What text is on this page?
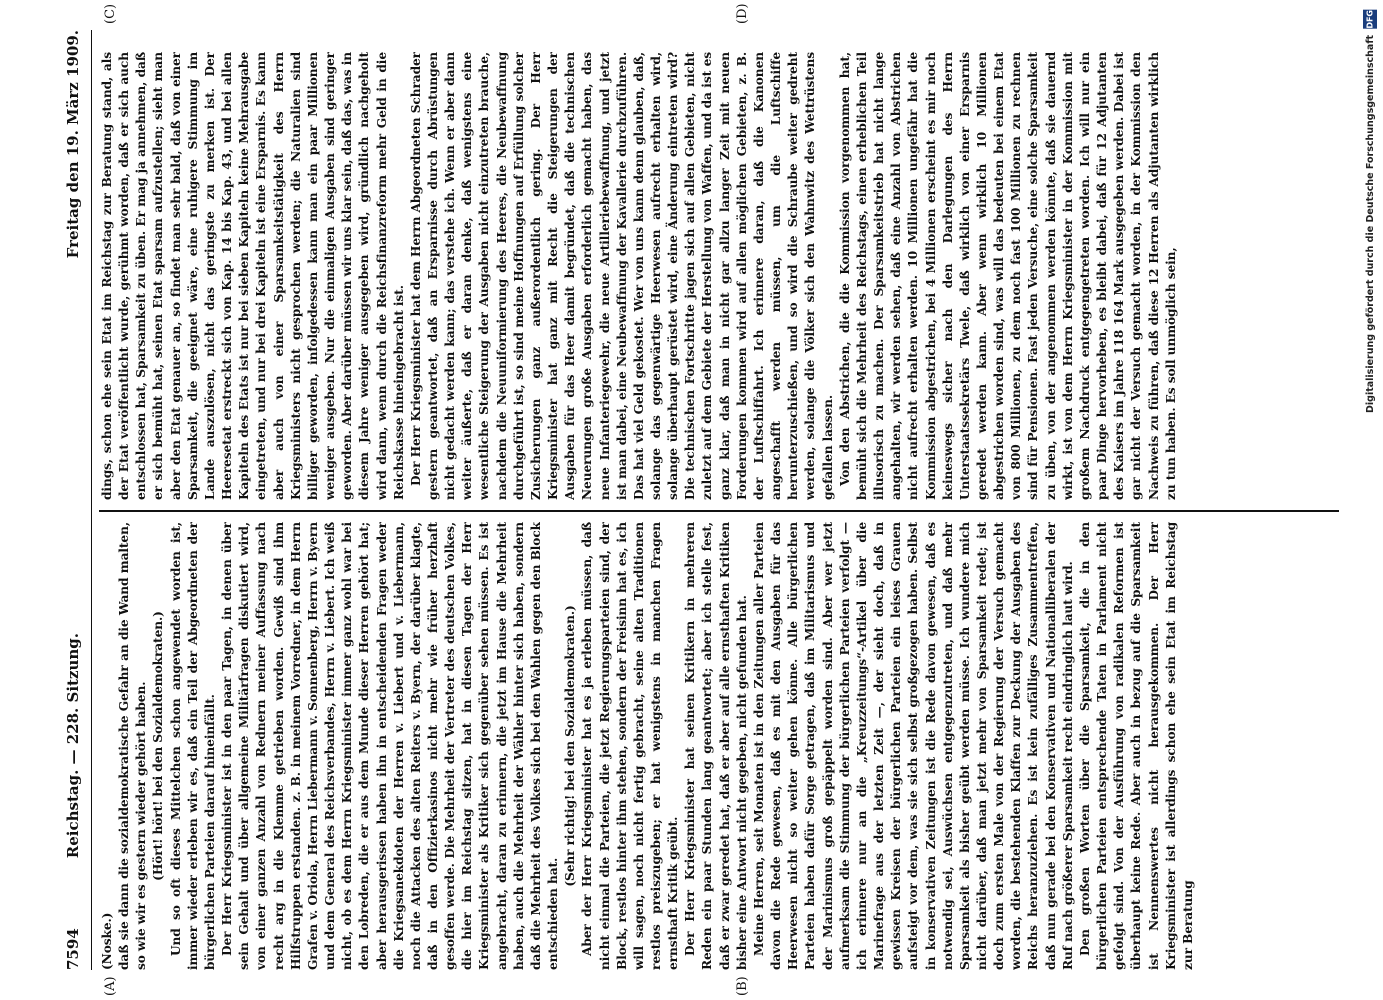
7594
Reichstag. — 228. Sitzung.
Freitag den 19. März 1909.

(Noske.) daß sie dann die sozialdemokratische Gefahr an die Wand malten, so wie wir es gestern wieder gehört haben. (Hört! hört! bei den Sozialdemokraten.) Und so oft dieses Mittelchen schon angewendet worden ist, immer wieder erleben wir es, daß ein Teil der Abgeordneten der bürgerlichen Parteien darauf hineinfällt. Der Herr Kriegsminister ist in den paar Tagen, in denen über sein Gehalt und über allgemeine Militärfragen diskutiert wird, von einer ganzen Anzahl von Rednern meiner Auffassung nach recht arg in die Klemme getrieben worden. Gewiß sind ihm Hilfstruppen erstanden. z. B. in meinem Vorredner, in dem Herrn Grafen v. Oriola, Herrn Liebermann v. Sonnenberg, Herrn v. Byern und dem General des Reichsverbandes, Herrn v. Liebert. Ich weiß nicht, ob es dem Herrn Kriegsminister immer ganz wohl war bei den Lobreden, die er aus dem Munde dieser Herren gehört hat; aber herausgerissen haben ihn in entscheidenden Fragen weder die Kriegsanekdoten der Herren v. Liebert und v. Liebermann, noch die Attacken des alten Reiters v. Byern, der darüber klagte, daß in den Offizierkasinos nicht mehr wie früher herzhaft gesoffen werde. Die Mehrheit der Vertreter des deutschen Volkes, die hier im Reichstag sitzen, hat in diesen Tagen der Herr Kriegsminister als Kritiker sich gegenüber sehen müssen. Es ist angebracht, daran zu erinnern, die jetzt im Hause die Mehrheit haben, auch die Mehrheit der Wähler hinter sich haben, sondern daß die Mehrheit des Volkes sich bei den Wahlen gegen den Block entschieden hat.

(Sehr richtig! bei den Sozialdemokraten.) Aber der Herr Kriegsminister hat es ja erleben müssen, daß nicht einmal die Parteien, die jetzt Regierungsparteien sind, der Block, restlos hinter ihm stehen, sondern der Freisinn hat es, ich will sagen, noch nicht fertig gebracht, seine alten Traditionen restlos preiszugeben; er hat wenigstens in manchen Fragen ernsthaft Kritik geübt. Der Herr Kriegsminister hat seinen Kritikern in mehreren Reden ein paar Stunden lang geantwortet; aber ich stelle fest, daß er zwar geredet hat, daß er aber auf alle ernsthaften Kritiken bisher eine Antwort nicht gegeben, nicht gefunden hat. Meine Herren, seit Monaten ist in den Zeitungen aller Parteien davon die Rede gewesen, daß es mit den Ausgaben für das Heerwesen nicht so weiter gehen könne. Alle bürgerlichen Parteien haben dafür Sorge getragen, daß im Militarismus und der Marinismus groß gepäppelt worden sind. Aber wer jetzt aufmerksam die Stimmung der bürgerlichen Parteien verfolgt — ich erinnere nur an die „Kreuzzeitungs“-Artikel über die Marinefrage aus der letzten Zeit —, der sieht doch, daß in gewissen Kreisen der bürgerlichen Parteien ein leises Grauen aufsteigt vor dem, was sie sich selbst großgezogen haben. Selbst in konservativen Zeitungen ist die Rede davon gewesen, daß es notwendig sei, Auswüchsen entgegenzutreten, und daß mehr Sparsamkeit als bisher geübt werden müsse. Ich wundere mich nicht darüber, daß man jetzt mehr von Sparsamkeit redet; ist doch zum ersten Male von der Regierung der Versuch gemacht worden, die bestehenden Klaffen zur Deckung der Ausgaben des Reichs heranzuziehen. Es ist kein zufälliges Zusammentreffen, daß nun gerade bei den Konservativen und Nationalliberalen der Ruf nach größerer Sparsamkeit recht eindringlich laut wird. Den großen Worten über die Sparsamkeit, die in den bürgerlichen Parteien entsprechende Taten in Parlament nicht gefolgt sind. Von der Ausführung von radikalen Reformen ist überhaupt keine Rede. Aber auch in bezug auf die Sparsamkeit ist Nennenswertes nicht herausgekommen. Der Herr Kriegsminister ist allerdings schon ehe sein Etat im Reichstag zur Beratung

dings, schon ehe sein Etat im Reichstag zur Beratung stand, als der Etat veröffentlicht wurde, gerühmt worden, daß er sich auch entschlossen hat, Sparsamkeit zu üben. Er mag ja annehmen, daß er sich bemüht hat, seinen Etat sparsam aufzustellen; sieht man aber den Etat genauer an, so findet man sehr bald, daß von einer Sparsamkeit, die geeignet wäre, eine ruhigere Stimmung im Lande auszulösen, nicht das geringste zu merken ist. Der Heeresetat erstreckt sich von Kap. 14 bis Kap. 43, und bei allen Kapiteln des Etats ist nur bei sieben Kapiteln keine Mehrausgabe eingetreten, und nur bei drei Kapiteln ist eine Ersparnis. Es kann aber auch von einer Sparsamkeitstätigkeit des Herrn Kriegsministers nicht gesprochen werden; die Naturalien sind billiger geworden, infolgedessen kann man ein paar Millionen weniger ausgeben. Nur die einmaligen Ausgaben sind geringer geworden. Aber darüber müssen wir uns klar sein, daß das, was in diesem Jahre weniger ausgegeben wird, gründlich nachgeholt wird dann, wenn durch die Reichsfinanzreform mehr Geld in die Reichskasse hineingebracht ist. Der Herr Kriegsminister hat dem Herrn Abgeordneten Schrader gestern geantwortet, daß an Ersparnisse durch Abrüstungen nicht gedacht werden kann; das verstehe ich. Wenn er aber dann weiter äußerte, daß er daran denke, daß wenigstens eine wesentliche Steigerung der Ausgaben nicht einzutreten brauche, nachdem die Neuuniformierung des Heeres, die Neubewaffnung durchgeführt ist, so sind meine Hoffnungen auf Erfüllung solcher Zusicherungen ganz außerordentlich gering. Der Herr Kriegsminister hat ganz mit Recht die Steigerungen der Ausgaben für das Heer damit begründet, daß die technischen Neuerungen große Ausgaben erforderlich gemacht haben, das neue Infanteriegewehr, die neue Artilleriebewaffnung, und jetzt ist man dabei, eine Neubewaffnung der Kavallerie durchzuführen. Das hat viel Geld gekostet. Wer von uns kann denn glauben, daß, solange das gegenwärtige Heerwesen aufrecht erhalten wird, solange überhaupt gerüstet wird, eine Änderung eintreten wird? Die technischen Fortschritte jagen sich auf allen Gebieten, nicht zuletzt auf dem Gebiete der Herstellung von Waffen, und da ist es ganz klar, daß man in nicht gar allzu langer Zeit mit neuen Forderungen kommen wird auf allen möglichen Gebieten, z. B. der Luftschiffahrt. Ich erinnere daran, daß die Kanonen angeschafft werden müssen, um die Luftschiffe herunterzuschießen, und so wird die Schraube weiter gedreht werden, solange die Völker sich den Wahnwitz des Wettrüstens gefallen lassen. Von den Abstrichen, die die Kommission vorgenommen hat, bemüht sich die Mehrheit des Reichstags, einen erheblichen Teil illusorisch zu machen. Der Sparsamkeitstrieb hat nicht lange angehalten, wir werden sehen, daß eine Anzahl von Abstrichen nicht aufrecht erhalten werden. 10 Millionen ungefähr hat die Kommission abgestrichen, bei 4 Millionen erscheint es mir noch keineswegs sicher nach den Darlegungen des Herrn Unterstaatssekretärs Twele, daß wirklich von einer Ersparnis geredet werden kann. Aber wenn wirklich 10 Millionen abgestrichen worden sind, was will das bedeuten bei einem Etat von 800 Millionen, zu dem noch fast 100 Millionen zu rechnen sind für Pensionen. Fast jeden Versuche, eine solche Sparsamkeit zu üben, von der angenommen werden könnte, daß sie dauernd wirkt, ist von dem Herrn Kriegsminister in der Kommission mit großem Nachdruck entgegengetreten worden. Ich will nur ein paar Dinge hervorheben, es bleibt dabei, daß für 12 Adjutanten des Kaisers im Jahre 118 164 Mark ausgegeben werden. Dabei ist gar nicht der Versuch gemacht worden, in der Kommission den Nachweis zu führen, daß diese 12 Herren als Adjutanten wirklich zu tun haben. Es soll unmöglich sein,

(A)	(B)
(C)	(D)	DFG
Digitalisierung gefördert durch die Deutsche Forschungsgemeinschaft
